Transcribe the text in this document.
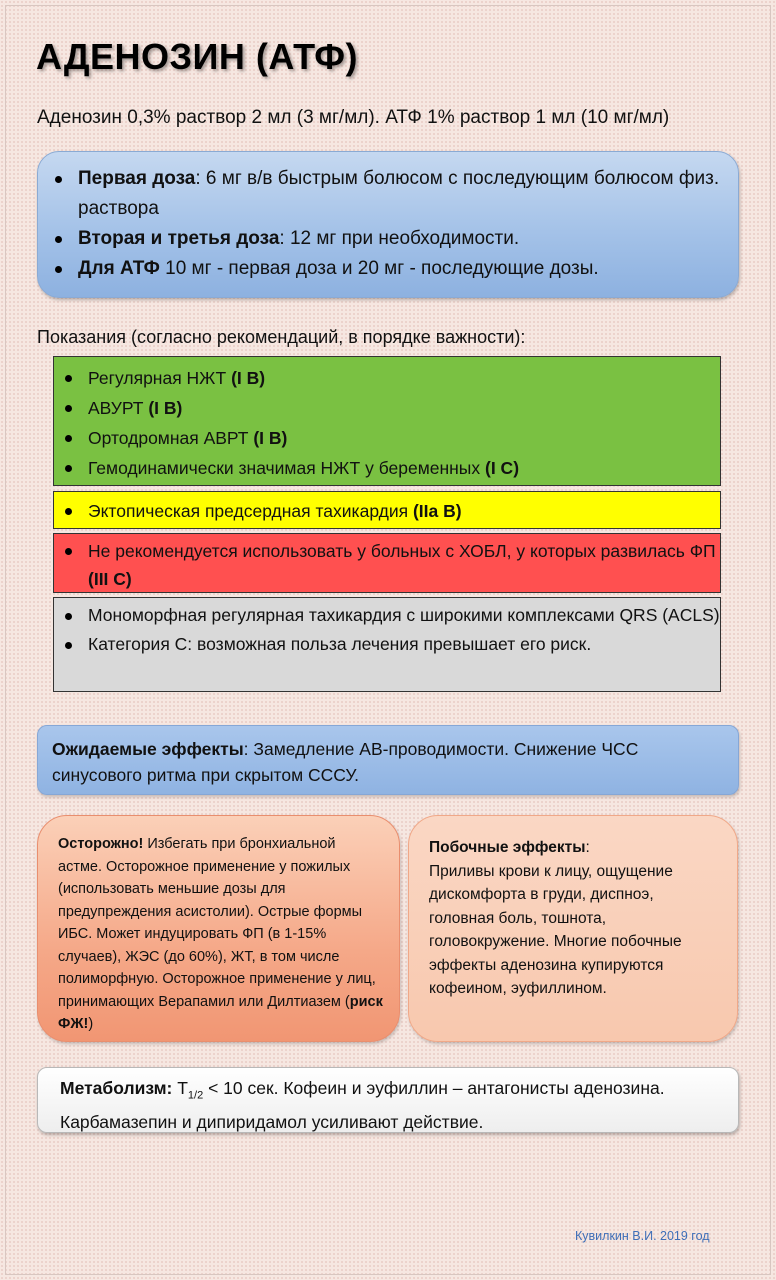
АДЕНОЗИН (АТФ)
Аденозин 0,3% раствор 2 мл (3 мг/мл). АТФ 1% раствор 1 мл (10 мг/мл)
Первая доза: 6 мг в/в быстрым болюсом с последующим болюсом физ. раствора
Вторая и третья доза: 12 мг при необходимости.
Для АТФ 10 мг - первая доза и 20 мг - последующие дозы.
Показания (согласно рекомендаций, в порядке важности):
Регулярная НЖТ (I B)
АВУРТ (I B)
Ортодромная АВРТ (I B)
Гемодинамически значимая НЖТ у беременных (I C)
Эктопическая предсердная тахикардия (IIa B)
Не рекомендуется использовать у больных с ХОБЛ, у которых развилась ФП (III C)
Мономорфная регулярная тахикардия с широкими комплексами QRS (ACLS)
Категория С: возможная польза лечения превышает его риск.
Ожидаемые эффекты: Замедление АВ-проводимости. Снижение ЧСС синусового ритма при скрытом СССУ.
Осторожно! Избегать при бронхиальной астме. Осторожное применение у пожилых (использовать меньшие дозы для предупреждения асистолии). Острые формы ИБС. Может индуцировать ФП (в 1-15% случаев), ЖЭС (до 60%), ЖТ, в том числе полиморфную. Осторожное применение у лиц, принимающих Верапамил или Дилтиазем (риск ФЖ!)
Побочные эффекты:
Приливы крови к лицу, ощущение дискомфорта в груди, диспноэ, головная боль, тошнота, головокружение. Многие побочные эффекты аденозина купируются кофеином, эуфиллином.
Метаболизм: $T_{1/2} < 10$ сек. Кофеин и эуфиллин – антагонисты аденозина. Карбамазепин и дипиридамол усиливают действие.
Кувилкин В.И. 2019 год
